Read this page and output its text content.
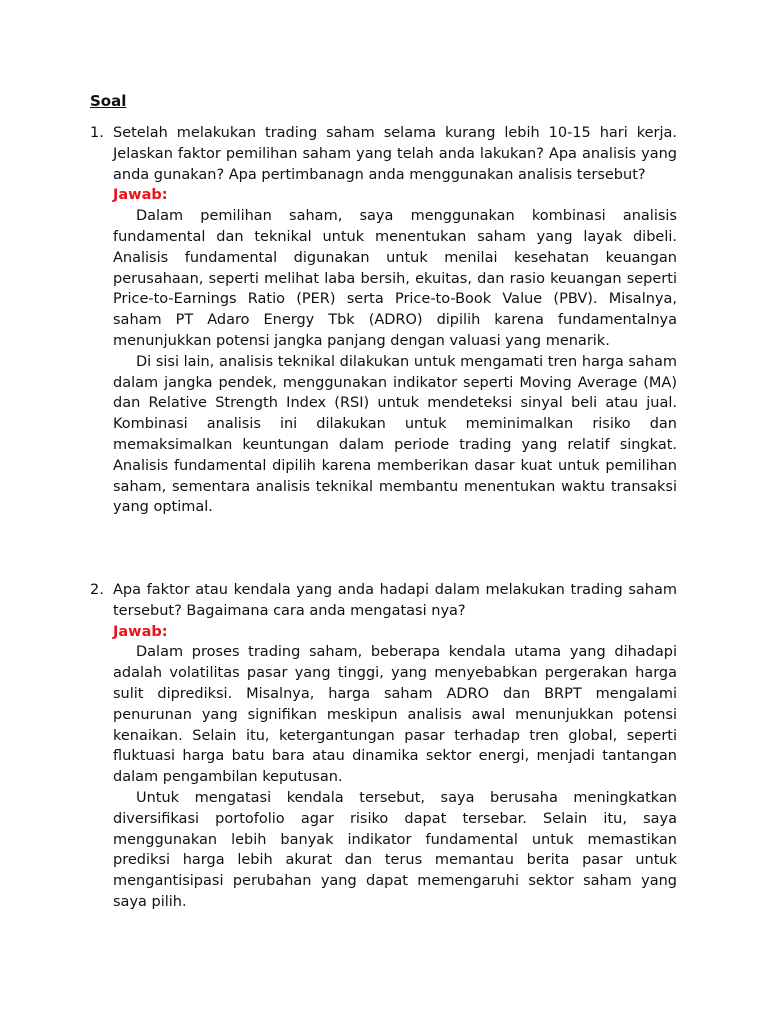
Soal
1. Setelah melakukan trading saham selama kurang lebih 10-15 hari kerja. Jelaskan faktor pemilihan saham yang telah anda lakukan? Apa analisis yang anda gunakan? Apa pertimbanagn anda menggunakan analisis tersebut?
Jawab:
Dalam pemilihan saham, saya menggunakan kombinasi analisis fundamental dan teknikal untuk menentukan saham yang layak dibeli. Analisis fundamental digunakan untuk menilai kesehatan keuangan perusahaan, seperti melihat laba bersih, ekuitas, dan rasio keuangan seperti Price-to-Earnings Ratio (PER) serta Price-to-Book Value (PBV). Misalnya, saham PT Adaro Energy Tbk (ADRO) dipilih karena fundamentalnya menunjukkan potensi jangka panjang dengan valuasi yang menarik.
Di sisi lain, analisis teknikal dilakukan untuk mengamati tren harga saham dalam jangka pendek, menggunakan indikator seperti Moving Average (MA) dan Relative Strength Index (RSI) untuk mendeteksi sinyal beli atau jual. Kombinasi analisis ini dilakukan untuk meminimalkan risiko dan memaksimalkan keuntungan dalam periode trading yang relatif singkat. Analisis fundamental dipilih karena memberikan dasar kuat untuk pemilihan saham, sementara analisis teknikal membantu menentukan waktu transaksi yang optimal.
2. Apa faktor atau kendala yang anda hadapi dalam melakukan trading saham tersebut? Bagaimana cara anda mengatasi nya?
Jawab:
Dalam proses trading saham, beberapa kendala utama yang dihadapi adalah volatilitas pasar yang tinggi, yang menyebabkan pergerakan harga sulit diprediksi. Misalnya, harga saham ADRO dan BRPT mengalami penurunan yang signifikan meskipun analisis awal menunjukkan potensi kenaikan. Selain itu, ketergantungan pasar terhadap tren global, seperti fluktuasi harga batu bara atau dinamika sektor energi, menjadi tantangan dalam pengambilan keputusan.
Untuk mengatasi kendala tersebut, saya berusaha meningkatkan diversifikasi portofolio agar risiko dapat tersebar. Selain itu, saya menggunakan lebih banyak indikator fundamental untuk memastikan prediksi harga lebih akurat dan terus memantau berita pasar untuk mengantisipasi perubahan yang dapat memengaruhi sektor saham yang saya pilih.
